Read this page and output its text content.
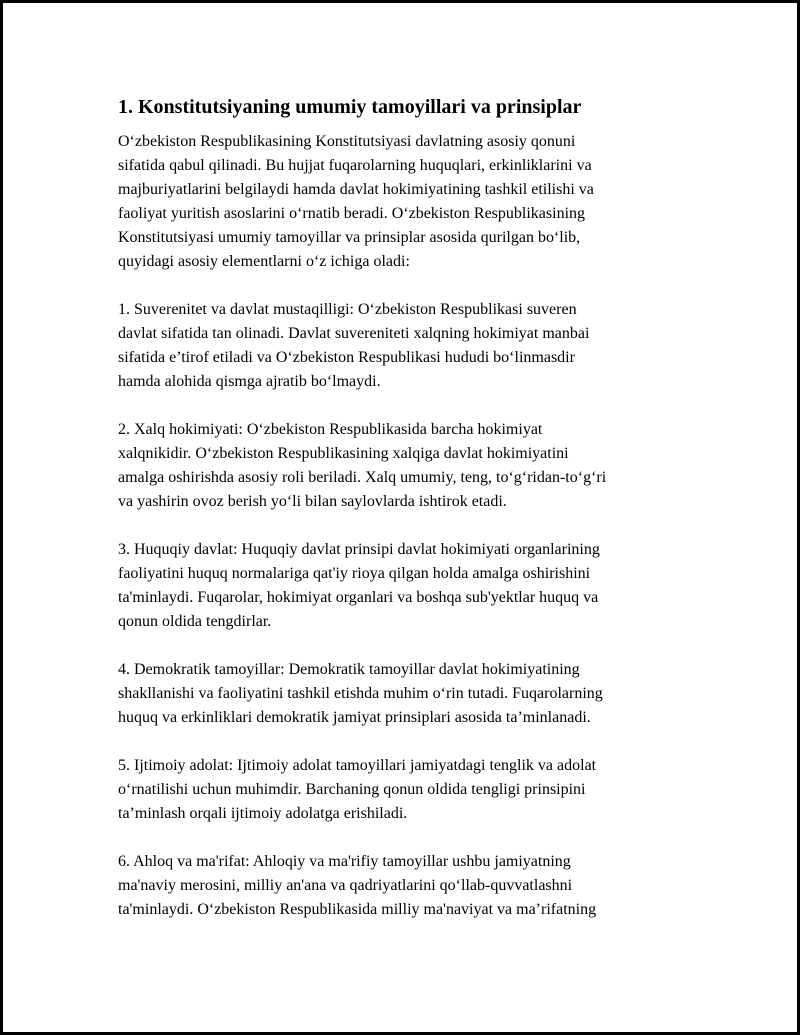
1. Konstitutsiyaning umumiy tamoyillari va prinsiplar
O‘zbekiston Respublikasining Konstitutsiyasi davlatning asosiy qonuni
sifatida qabul qilinadi. Bu hujjat fuqarolarning huquqlari, erkinliklarini va
majburiyatlarini belgilaydi hamda davlat hokimiyatining tashkil etilishi va
faoliyat yuritish asoslarini o‘rnatib beradi. O‘zbekiston Respublikasining
Konstitutsiyasi umumiy tamoyillar va prinsiplar asosida qurilgan bo‘lib,
quyidagi asosiy elementlarni o‘z ichiga oladi:
1. Suverenitet va davlat mustaqilligi: O‘zbekiston Respublikasi suveren
davlat sifatida tan olinadi. Davlat suvereniteti xalqning hokimiyat manbai
sifatida e’tirof etiladi va O‘zbekiston Respublikasi hududi bo‘linmasdir
hamda alohida qismga ajratib bo‘lmaydi.
2. Xalq hokimiyati: O‘zbekiston Respublikasida barcha hokimiyat
xalqnikidir. O‘zbekiston Respublikasining xalqiga davlat hokimiyatini
amalga oshirishda asosiy roli beriladi. Xalq umumiy, teng, to‘g‘ridan-to‘g‘ri
va yashirin ovoz berish yo‘li bilan saylovlarda ishtirok etadi.
3. Huquqiy davlat: Huquqiy davlat prinsipi davlat hokimiyati organlarining
faoliyatini huquq normalariga qat'iy rioya qilgan holda amalga oshirishini
ta'minlaydi. Fuqarolar, hokimiyat organlari va boshqa sub'yektlar huquq va
qonun oldida tengdirlar.
4. Demokratik tamoyillar: Demokratik tamoyillar davlat hokimiyatining
shakllanishi va faoliyatini tashkil etishda muhim o‘rin tutadi. Fuqarolarning
huquq va erkinliklari demokratik jamiyat prinsiplari asosida ta’minlanadi.
5. Ijtimoiy adolat: Ijtimoiy adolat tamoyillari jamiyatdagi tenglik va adolat
o‘rnatilishi uchun muhimdir. Barchaning qonun oldida tengligi prinsipini
ta’minlash orqali ijtimoiy adolatga erishiladi.
6. Ahloq va ma'rifat: Ahloqiy va ma'rifiy tamoyillar ushbu jamiyatning
ma'naviy merosini, milliy an'ana va qadriyatlarini qo‘llab-quvvatlashni
ta'minlaydi. O‘zbekiston Respublikasida milliy ma'naviyat va ma’rifatning
